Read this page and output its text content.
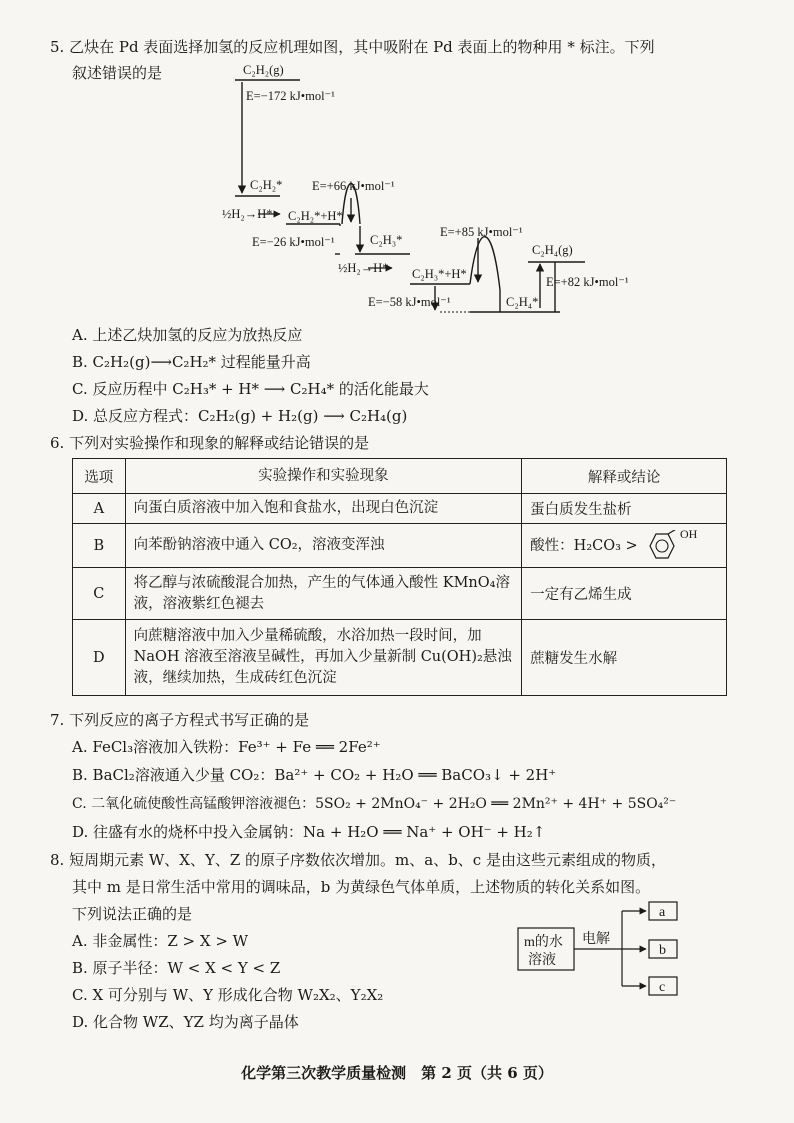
5. 乙炔在 Pd 表面选择加氢的反应机理如图，其中吸附在 Pd 表面上的物种用 * 标注。下列
叙述错误的是	C₂H₂(g)
E=−172 kJ•mol⁻¹
C₂H₂*
½H₂→H* C₂H₂*+H*
E=+66 kJ•mol⁻¹
E=−26 kJ•mol⁻¹	C₂H₃*
½H₂→H* C₂H₃*+H*
E=+85 kJ•mol⁻¹
E=−58 kJ•mol⁻¹	C₂H₄*
C₂H₄(g)
E=+82 kJ•mol⁻¹
A. 上述乙炔加氢的反应为放热反应
B. C₂H₂(g)⟶C₂H₂* 过程能量升高
C. 反应历程中 C₂H₃* + H* ⟶ C₂H₄* 的活化能最大
D. 总反应方程式：C₂H₂(g) + H₂(g) ⟶ C₂H₄(g)
6. 下列对实验操作和现象的解释或结论错误的是
选项	实验操作和实验现象	解释或结论
A	向蛋白质溶液中加入饱和食盐水，出现白色沉淀	蛋白质发生盐析
B	向苯酚钠溶液中通入 CO₂，溶液变浑浊	酸性：H₂CO₃ >
OH

C	将乙醇与浓硫酸混合加热，产生的气体通入酸性 KMnO₄溶液，溶液紫红色褪去	一定有乙烯生成
D	向蔗糖溶液中加入少量稀硫酸，水浴加热一段时间，加 NaOH 溶液至溶液呈碱性，再加入少量新制 Cu(OH)₂悬浊液，继续加热，生成砖红色沉淀	蔗糖发生水解
7. 下列反应的离子方程式书写正确的是
A. FeCl₃溶液加入铁粉：Fe³⁺ + Fe ══ 2Fe²⁺
B. BaCl₂溶液通入少量 CO₂：Ba²⁺ + CO₂ + H₂O ══ BaCO₃↓ + 2H⁺
C. 二氧化硫使酸性高锰酸钾溶液褪色：5SO₂ + 2MnO₄⁻ + 2H₂O ══ 2Mn²⁺ + 4H⁺ + 5SO₄²⁻
D. 往盛有水的烧杯中投入金属钠：Na + H₂O ══ Na⁺ + OH⁻ + H₂↑
8. 短周期元素 W、X、Y、Z 的原子序数依次增加。m、a、b、c 是由这些元素组成的物质，
其中 m 是日常生活中常用的调味品，b 为黄绿色气体单质，上述物质的转化关系如图。
下列说法正确的是
A. 非金属性：Z > X > W
B. 原子半径：W < X < Y < Z
C. X 可分别与 W、Y 形成化合物 W₂X₂、Y₂X₂
D. 化合物 WZ、YZ 均为离子晶体
m的水
溶液
电解
a
b
c
化学第三次教学质量检测　第 2 页（共 6 页）
